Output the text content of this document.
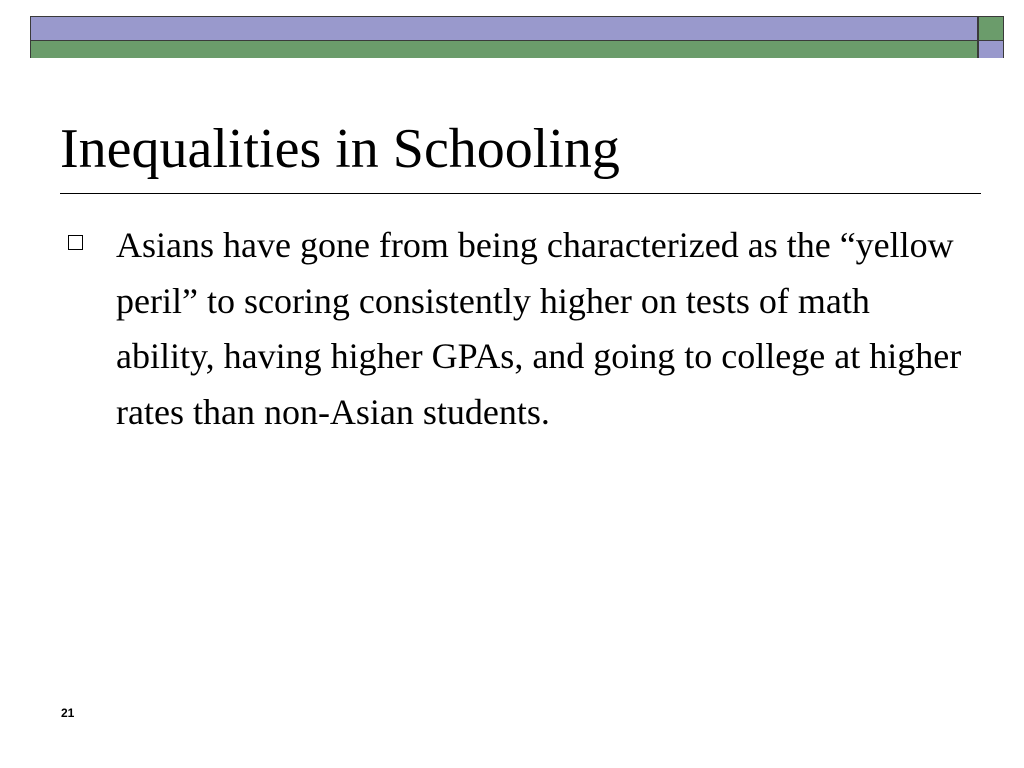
Inequalities in Schooling
Asians have gone from being characterized as the “yellow peril” to scoring consistently higher on tests of math ability, having higher GPAs, and going to college at higher rates than non-Asian students.
21
